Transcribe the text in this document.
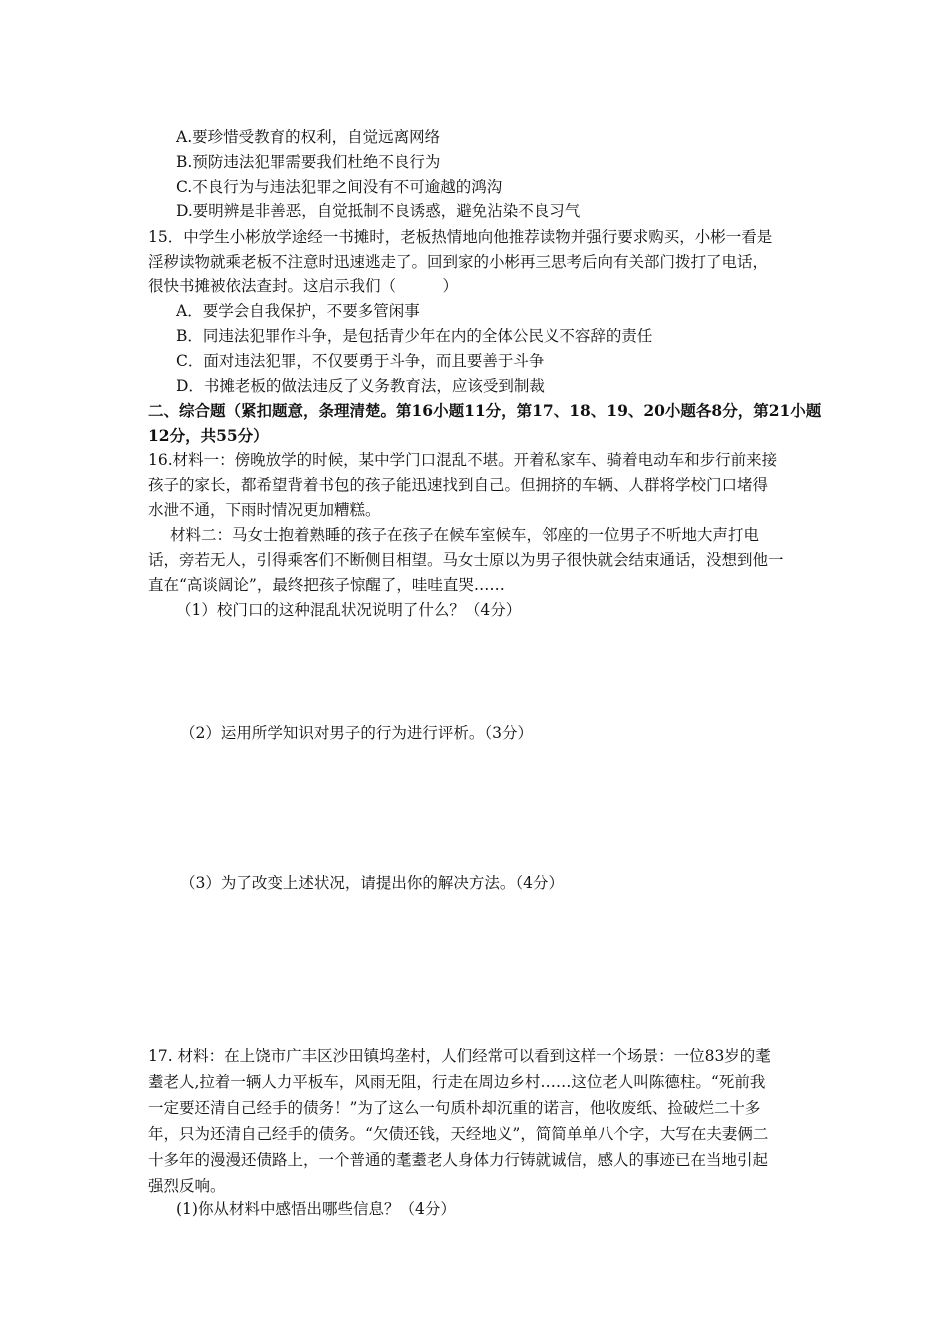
A.要珍惜受教育的权利，自觉远离网络
B.预防违法犯罪需要我们杜绝不良行为
C.不良行为与违法犯罪之间没有不可逾越的鸿沟
D.要明辨是非善恶，自觉抵制不良诱惑，避免沾染不良习气
15．中学生小彬放学途经一书摊时，老板热情地向他推荐读物并强行要求购买，小彬一看是
淫秽读物就乘老板不注意时迅速逃走了。回到家的小彬再三思考后向有关部门拨打了电话，
很快书摊被依法查封。这启示我们（　　　）
A．要学会自我保护，不要多管闲事
B．同违法犯罪作斗争，是包括青少年在内的全体公民义不容辞的责任
C．面对违法犯罪，不仅要勇于斗争，而且要善于斗争
D．书摊老板的做法违反了义务教育法，应该受到制裁
二、综合题（紧扣题意，条理清楚。第16小题11分，第17、18、19、20小题各8分，第21小题
12分，共55分）
16.材料一：傍晚放学的时候，某中学门口混乱不堪。开着私家车、骑着电动车和步行前来接
孩子的家长，都希望背着书包的孩子能迅速找到自己。但拥挤的车辆、人群将学校门口堵得
水泄不通，下雨时情况更加糟糕。
材料二：马女士抱着熟睡的孩子在孩子在候车室候车，邻座的一位男子不听地大声打电
话，旁若无人，引得乘客们不断侧目相望。马女士原以为男子很快就会结束通话，没想到他一
直在“高谈阔论”，最终把孩子惊醒了，哇哇直哭……
（1）校门口的这种混乱状况说明了什么？（4分）
（2）运用所学知识对男子的行为进行评析。（3分）
（3）为了改变上述状况，请提出你的解决方法。（4分）
17. 材料：在上饶市广丰区沙田镇坞垄村，人们经常可以看到这样一个场景：一位83岁的耄
耋老人,拉着一辆人力平板车，风雨无阻，行走在周边乡村……这位老人叫陈德柱。“死前我
一定要还清自己经手的债务！”为了这么一句质朴却沉重的诺言，他收废纸、捡破烂二十多
年，只为还清自己经手的债务。“欠债还钱，天经地义”，简简单单八个字，大写在夫妻俩二
十多年的漫漫还债路上，一个普通的耄耋老人身体力行铸就诚信，感人的事迹已在当地引起
强烈反响。
(1)你从材料中感悟出哪些信息？（4分）
